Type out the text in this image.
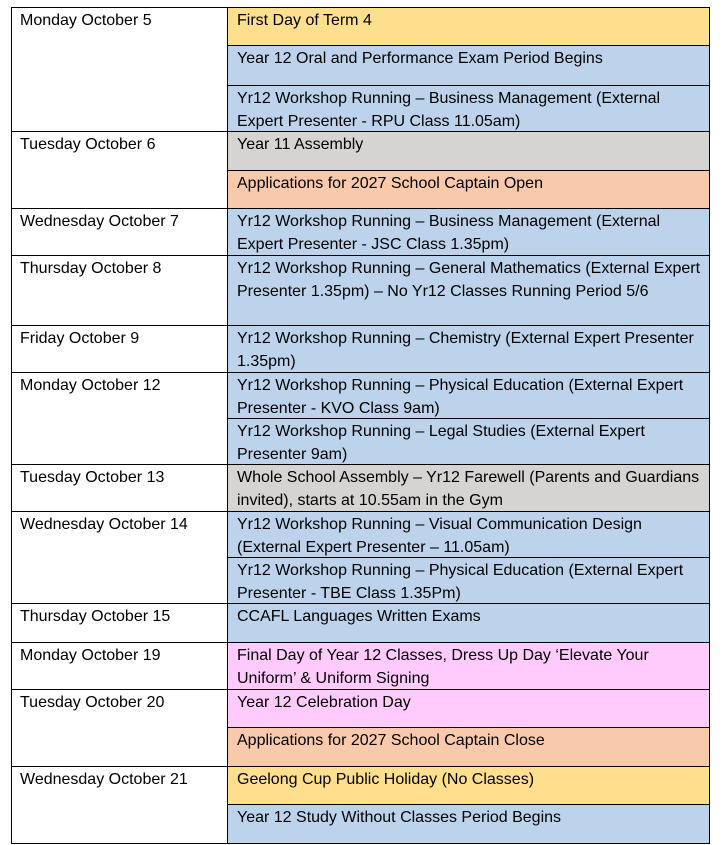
Monday October 5	First Day of Term 4
Year 12 Oral and Performance Exam Period Begins
Yr12 Workshop Running – Business Management (External Expert Presenter - RPU Class 11.05am)

Tuesday October 6	Year 11 Assembly
Applications for 2027 School Captain Open

Wednesday October 7	Yr12 Workshop Running – Business Management (External Expert Presenter - JSC Class 1.35pm)

Thursday October 8	Yr12 Workshop Running – General Mathematics (External Expert Presenter 1.35pm) – No Yr12 Classes Running Period 5/6

Friday October 9	Yr12 Workshop Running – Chemistry (External Expert Presenter 1.35pm)

Monday October 12	Yr12 Workshop Running – Physical Education (External Expert Presenter - KVO Class 9am)
Yr12 Workshop Running – Legal Studies (External Expert Presenter 9am)

Tuesday October 13	Whole School Assembly – Yr12 Farewell (Parents and Guardians invited), starts at 10.55am in the Gym

Wednesday October 14	Yr12 Workshop Running – Visual Communication Design (External Expert Presenter – 11.05am)
Yr12 Workshop Running – Physical Education (External Expert Presenter - TBE Class 1.35Pm)

Thursday October 15	CCAFL Languages Written Exams

Monday October 19	Final Day of Year 12 Classes, Dress Up Day ‘Elevate Your Uniform’ & Uniform Signing

Tuesday October 20	Year 12 Celebration Day
Applications for 2027 School Captain Close

Wednesday October 21	Geelong Cup Public Holiday (No Classes)
Year 12 Study Without Classes Period Begins
